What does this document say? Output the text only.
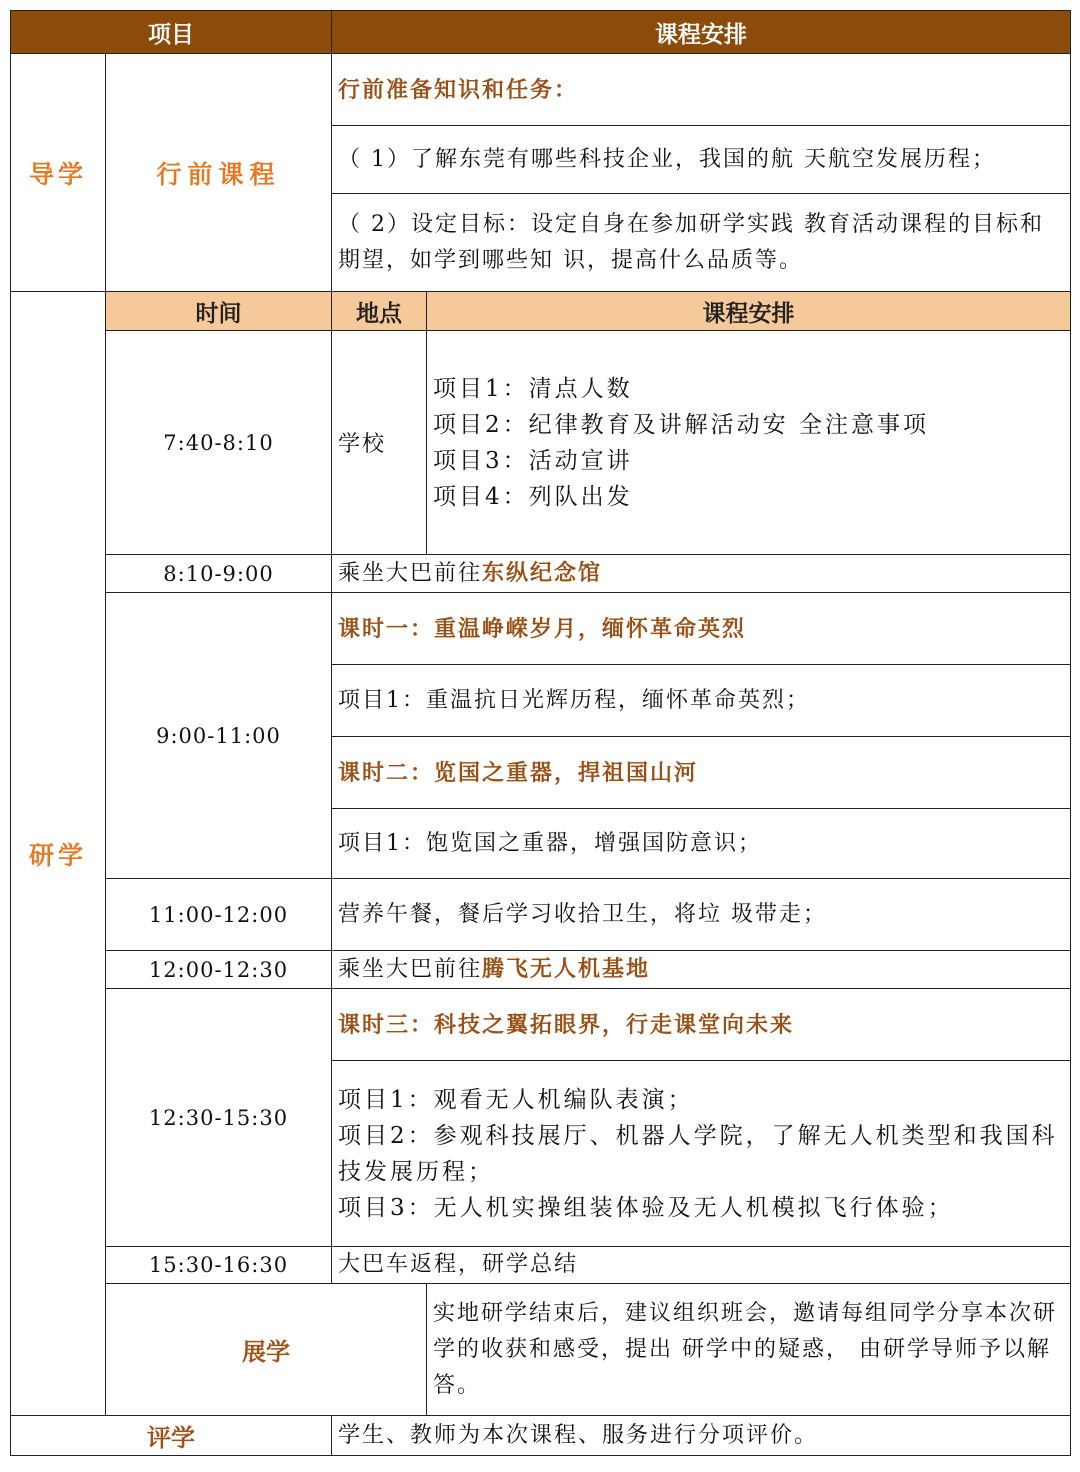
项目		课程安排	
导学	行前课程	行前准备知识和任务：	
		（ 1）了解东莞有哪些科技企业，我国的航 天航空发展历程；	
		（ 2）设定目标：设定自身在参加研学实践 教育活动课程的目标和期望，如学到哪些知 识，提高什么品质等。	
研学	时间	地点	课程安排
	7:40-8:10	学校	项目1：清点人数
项目2：纪律教育及讲解活动安 全注意事项
项目3：活动宣讲
项目4：列队出发

	8:10-9:00	乘坐大巴前往东纵纪念馆	
	9:00-11:00	课时一：重温峥嵘岁月，缅怀革命英烈	
		项目1：重温抗日光辉历程，缅怀革命英烈；	
		课时二：览国之重器，捍祖国山河	
		项目1：饱览国之重器，增强国防意识；	
	11:00-12:00	营养午餐，餐后学习收拾卫生，将垃 圾带走；	
	12:00-12:30	乘坐大巴前往腾飞无人机基地	
	12:30-15:30	课时三：科技之翼拓眼界，行走课堂向未来	

		项目1：观看无人机编队表演；
项目2：参观科技展厅、机器人学院，了解无人机类型和我国科技发展历程；
项目3：无人机实操组装体验及无人机模拟飞行体验；	

	15:30-16:30	大巴车返程，研学总结	
	展学		实地研学结束后，建议组织班会，邀请每组同学分享本次研学的收获和感受，提出 研学中的疑惑， 由研学导师予以解答。
评学		学生、教师为本次课程、服务进行分项评价。	
